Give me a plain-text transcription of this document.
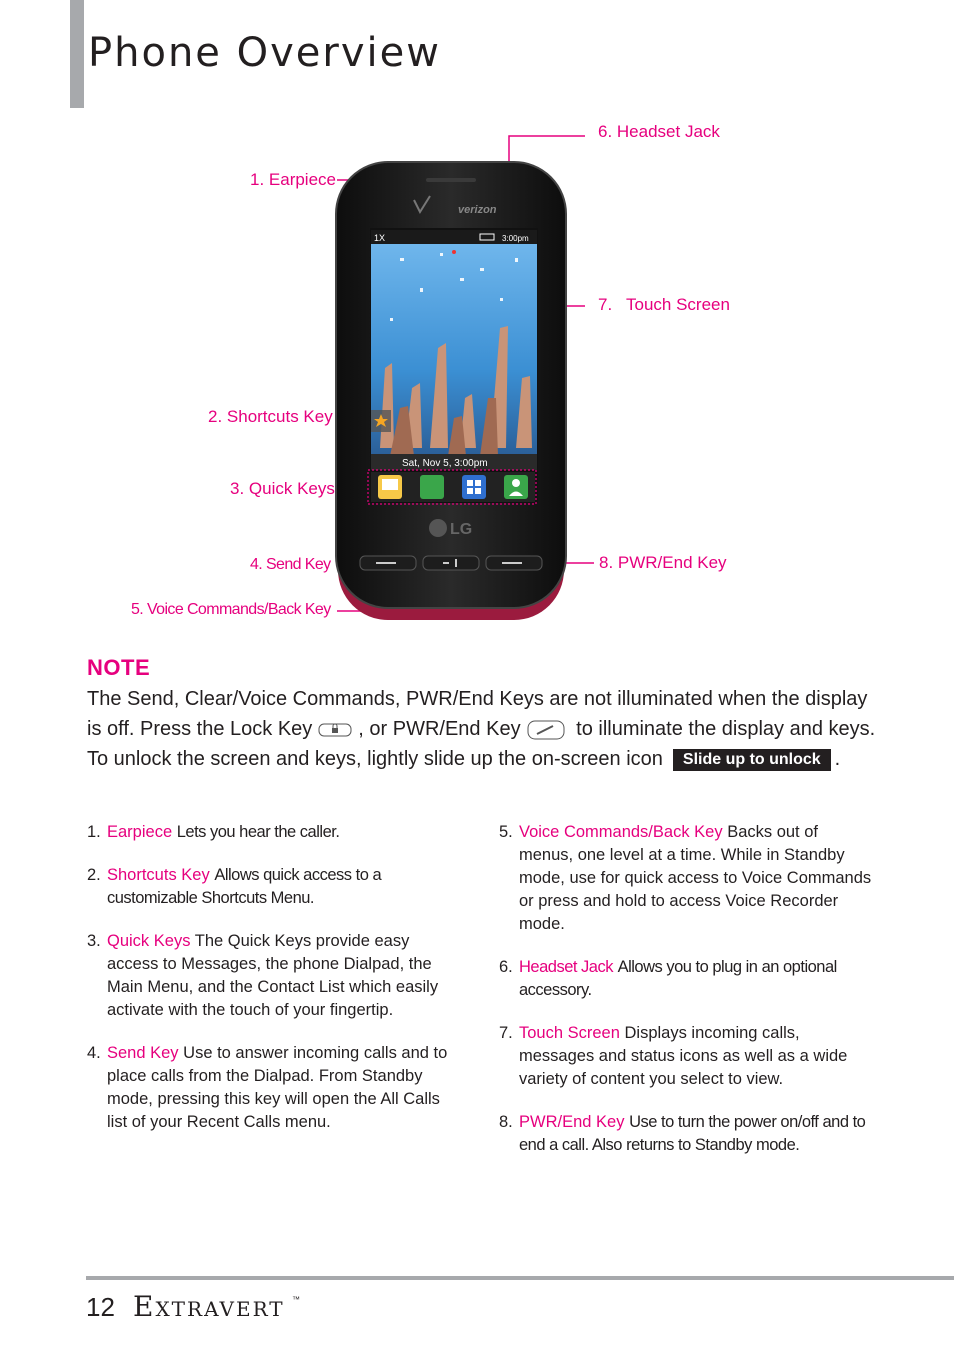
Phone Overview
1. Earpiece
2. Shortcuts Key
3. Quick Keys
4. Send Key
5. Voice Commands/Back Key
6. Headset Jack
7. Touch Screen
8. PWR/End Key
verizon
1X	3:00pm
Sat, Nov 5, 3:00pm
LG
NOTE
The Send, Clear/Voice Commands, PWR/End Keys are not illuminated when the display is off. Press the Lock Key , or PWR/End Key	to illuminate the display and keys. To unlock the screen and keys, lightly slide up the on-screen icon Slide up to unlock .
1. Earpiece Lets you hear the caller.
2. Shortcuts Key Allows quick access to a customizable Shortcuts Menu.
3. Quick Keys The Quick Keys provide easy access to Messages, the phone Dialpad, the Main Menu, and the Contact List which easily activate with the touch of your fingertip.
4. Send Key Use to answer incoming calls and to place calls from the Dialpad. From Standby mode, pressing this key will open the All Calls list of your Recent Calls menu.
5. Voice Commands/Back Key Backs out of menus, one level at a time. While in Standby mode, use for quick access to Voice Commands or press and hold to access Voice Recorder mode.
6. Headset Jack Allows you to plug in an optional accessory.
7. Touch Screen Displays incoming calls, messages and status icons as well as a wide variety of content you select to view.
8. PWR/End Key Use to turn the power on/off and to end a call. Also returns to Standby mode.
12 Extravert ™
